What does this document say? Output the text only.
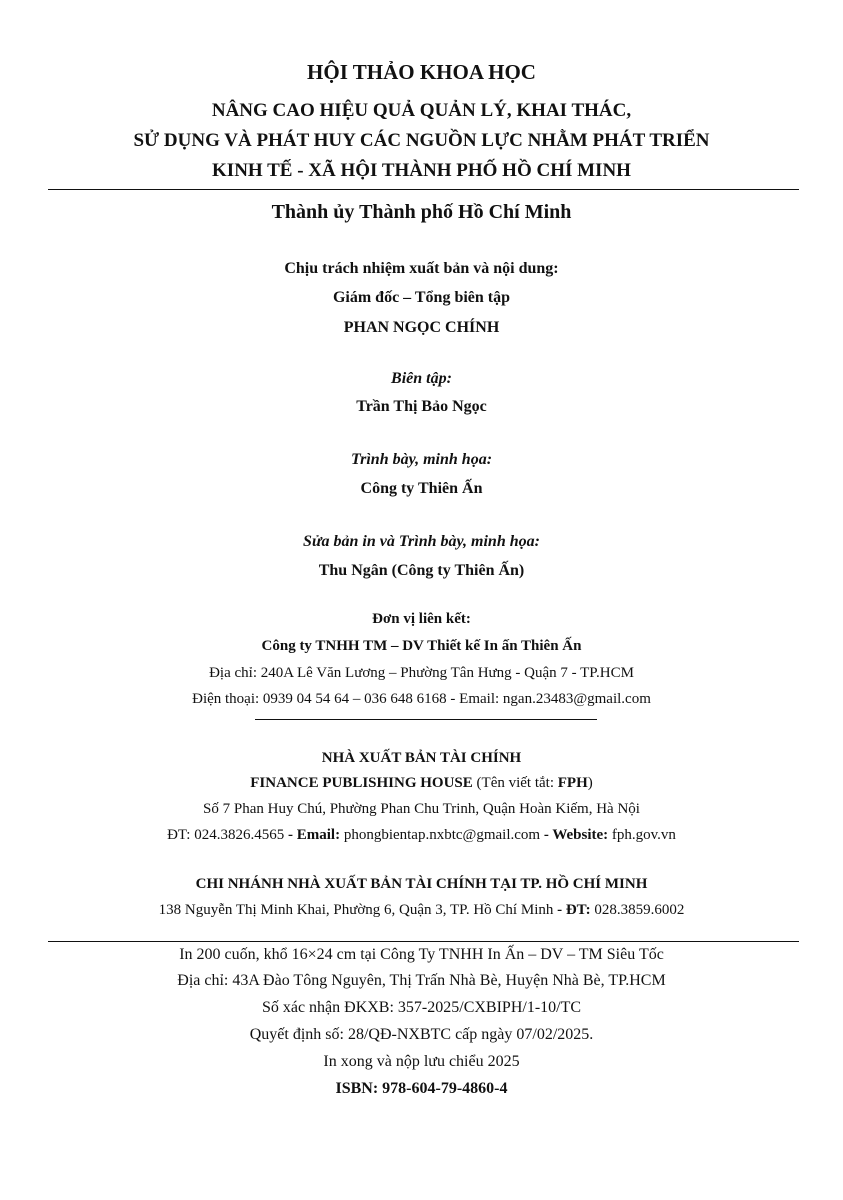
HỘI THẢO KHOA HỌC
NÂNG CAO HIỆU QUẢ QUẢN LÝ, KHAI THÁC,
SỬ DỤNG VÀ PHÁT HUY CÁC NGUỒN LỰC NHẰM PHÁT TRIỂN
KINH TẾ - XÃ HỘI THÀNH PHỐ HỒ CHÍ MINH
Thành ủy Thành phố Hồ Chí Minh
Chịu trách nhiệm xuất bản và nội dung:
Giám đốc – Tổng biên tập
PHAN NGỌC CHÍNH
Biên tập:
Trần Thị Bảo Ngọc
Trình bày, minh họa:
Công ty Thiên Ấn
Sửa bản in và Trình bày, minh họa:
Thu Ngân (Công ty Thiên Ấn)
Đơn vị liên kết:
Công ty TNHH TM – DV Thiết kế In ấn Thiên Ấn
Địa chỉ: 240A Lê Văn Lương – Phường Tân Hưng - Quận 7 - TP.HCM
Điện thoại: 0939 04 54 64 – 036 648 6168 - Email: ngan.23483@gmail.com
NHÀ XUẤT BẢN TÀI CHÍNH
FINANCE PUBLISHING HOUSE (Tên viết tắt: FPH)
Số 7 Phan Huy Chú, Phường Phan Chu Trinh, Quận Hoàn Kiếm, Hà Nội
ĐT: 024.3826.4565 - Email: phongbientap.nxbtc@gmail.com - Website: fph.gov.vn
CHI NHÁNH NHÀ XUẤT BẢN TÀI CHÍNH TẠI TP. HỒ CHÍ MINH
138 Nguyễn Thị Minh Khai, Phường 6, Quận 3, TP. Hồ Chí Minh - ĐT: 028.3859.6002
In 200 cuốn, khổ 16×24 cm tại Công Ty TNHH In Ấn – DV – TM Siêu Tốc
Địa chỉ: 43A Đào Tông Nguyên, Thị Trấn Nhà Bè, Huyện Nhà Bè, TP.HCM
Số xác nhận ĐKXB: 357-2025/CXBIPH/1-10/TC
Quyết định số: 28/QĐ-NXBTC cấp ngày 07/02/2025.
In xong và nộp lưu chiểu 2025
ISBN: 978-604-79-4860-4
